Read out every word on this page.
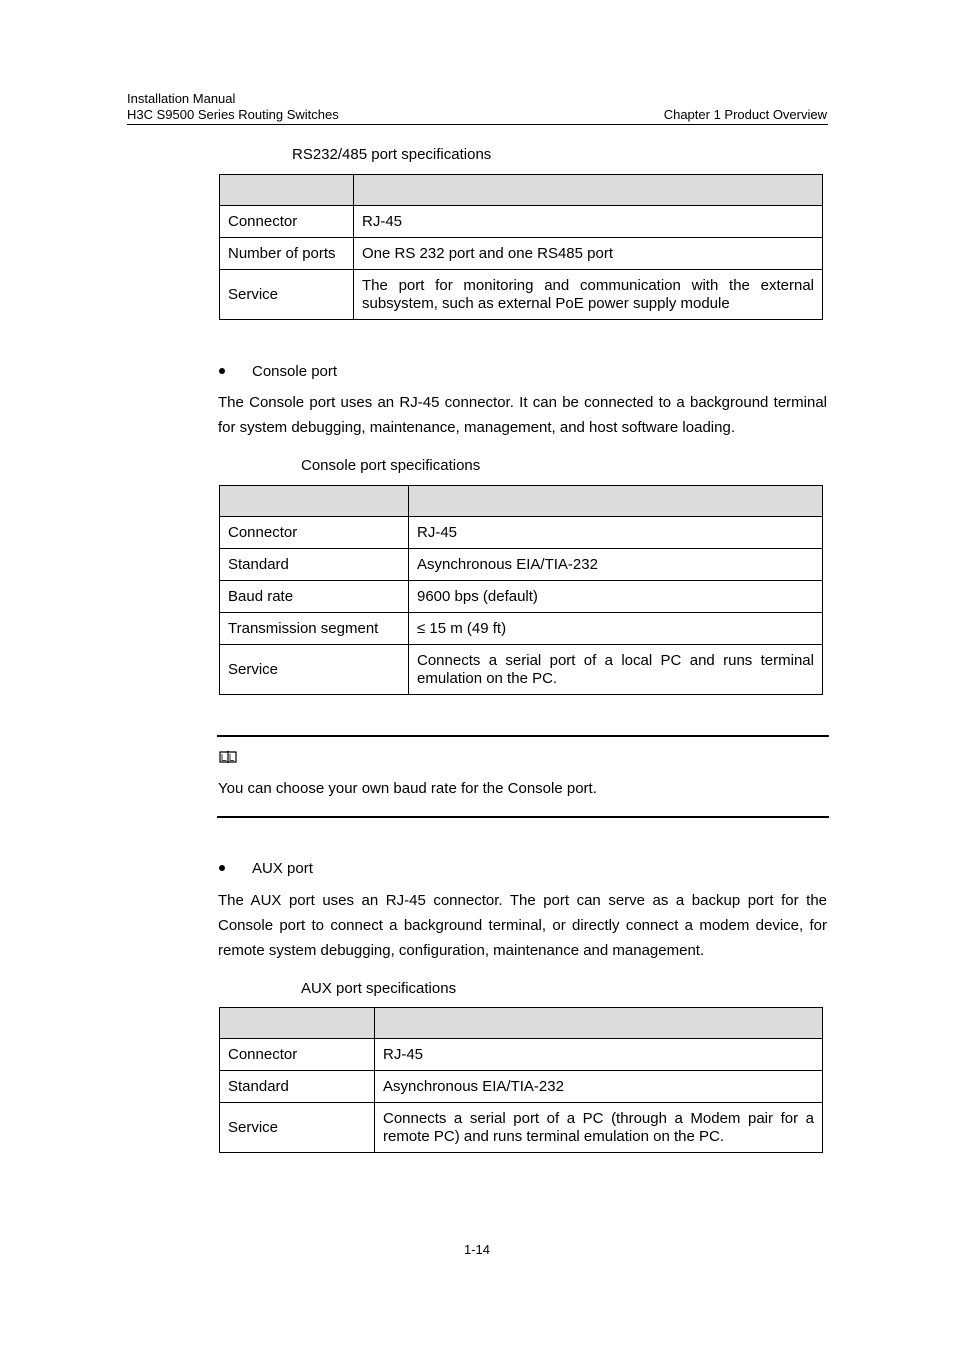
Installation Manual
H3C S9500 Series Routing Switches	Chapter 1 Product Overview
RS232/485 port specifications

Connector	RJ-45
Number of ports	One RS 232 port and one RS485 port
Service	The port for monitoring and communication with the external subsystem, such as external PoE power supply module
Console port
The Console port uses an RJ-45 connector. It can be connected to a background terminal for system debugging, maintenance, management, and host software loading.
Console port specifications

Connector	RJ-45
Standard	Asynchronous EIA/TIA-232
Baud rate	9600 bps (default)
Transmission segment	≤ 15 m (49 ft)
Service	Connects a serial port of a local PC and runs terminal emulation on the PC.
You can choose your own baud rate for the Console port.
AUX port
The AUX port uses an RJ-45 connector. The port can serve as a backup port for the Console port to connect a background terminal, or directly connect a modem device, for remote system debugging, configuration, maintenance and management.
AUX port specifications

Connector	RJ-45
Standard	Asynchronous EIA/TIA-232
Service	Connects a serial port of a PC (through a Modem pair for a remote PC) and runs terminal emulation on the PC.
1-14
